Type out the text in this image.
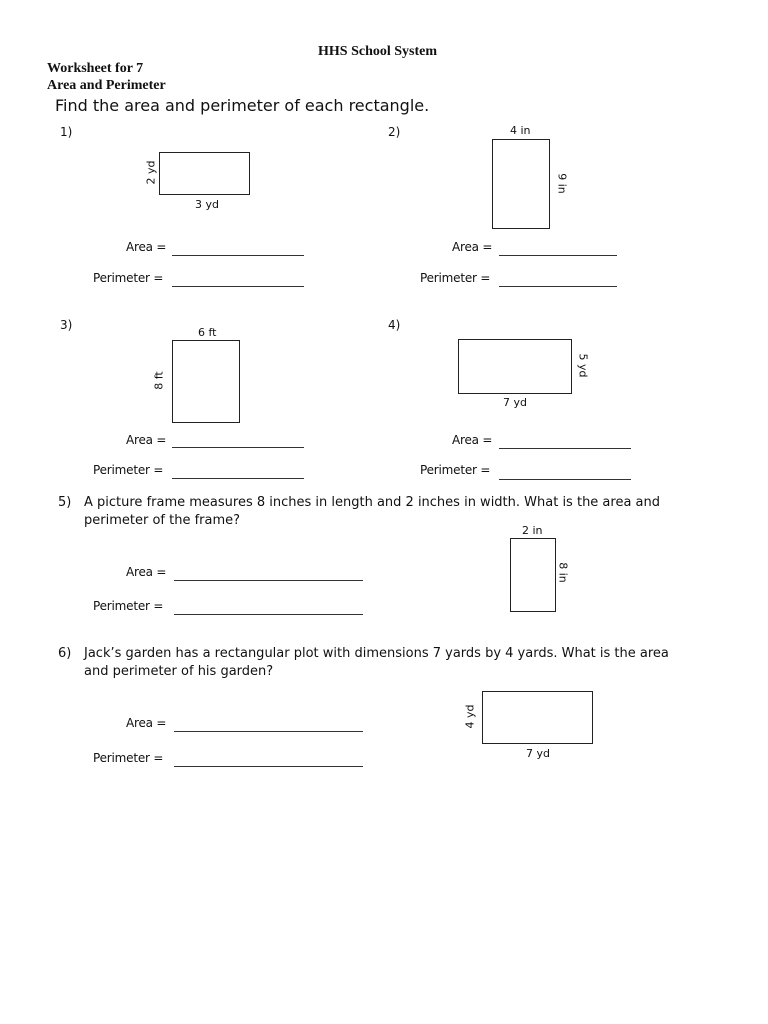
HHS School System
Worksheet for 7
Area and Perimeter
Find the area and perimeter of each rectangle.
1)
2 yd
3 yd
Area =
Perimeter =
2)	4 in
9 in
Area =
Perimeter =
3)
6 ft
8 ft
Area =
Perimeter =
4)
5 yd
7 yd
Area =
Perimeter =
5) A picture frame measures 8 inches in length and 2 inches in width. What is the area and
perimeter of the frame?
2 in
8 in
Area =
Perimeter =
6) Jack’s garden has a rectangular plot with dimensions 7 yards by 4 yards. What is the area
and perimeter of his garden?
4 yd
7 yd
Area =
Perimeter =
